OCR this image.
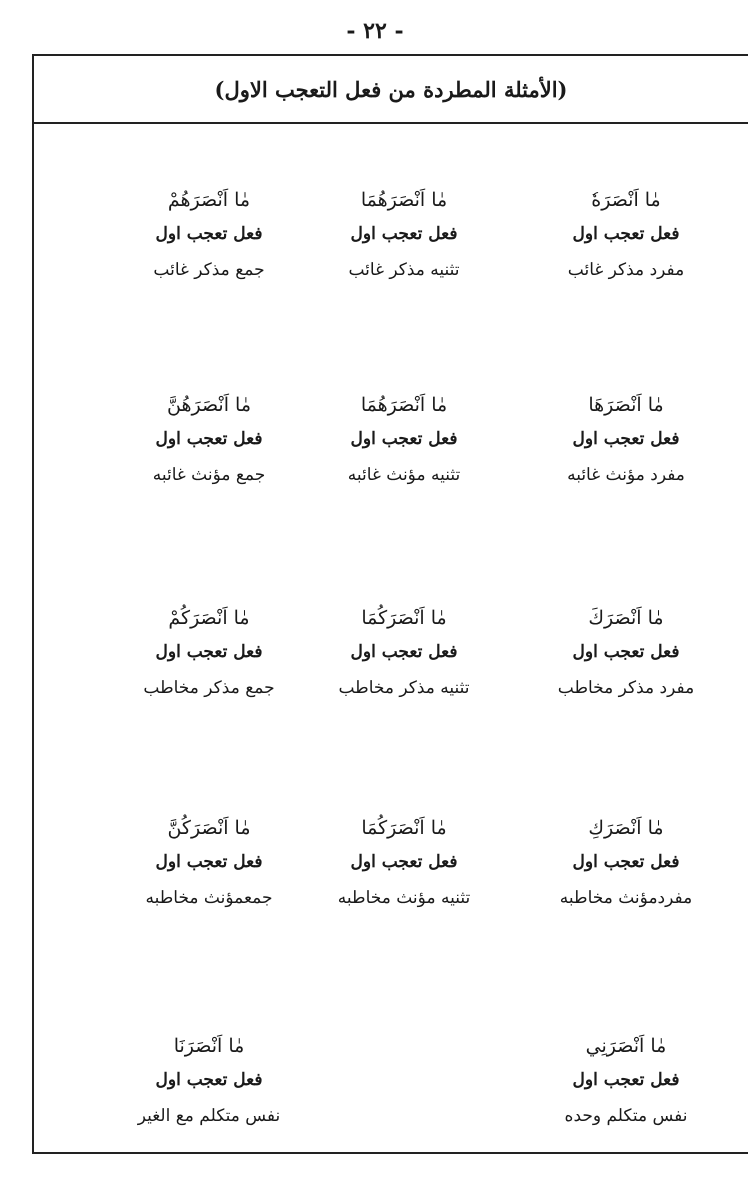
- ٢٢ -
(الأمثلة المطردة من فعل التعجب الاول)
مٰا اَنْصَرَهٗ
فعل تعجب اول
مفرد مذكر غائب
مٰا اَنْصَرَهُمَا
فعل تعجب اول
تثنيه مذكر غائب
مٰا اَنْصَرَهُمْ
فعل تعجب اول
جمع مذكر غائب
مٰا اَنْصَرَهَا
فعل تعجب اول
مفرد مؤنث غائبه
مٰا اَنْصَرَهُمَا
فعل تعجب اول
تثنيه مؤنث غائبه
مٰا اَنْصَرَهُنَّ
فعل تعجب اول
جمع مؤنث غائبه
مٰا اَنْصَرَكَ
فعل تعجب اول
مفرد مذكر مخاطب
مٰا اَنْصَرَكُمَا
فعل تعجب اول
تثنيه مذكر مخاطب
مٰا اَنْصَرَكُمْ
فعل تعجب اول
جمع مذكر مخاطب
مٰا اَنْصَرَكِ
فعل تعجب اول
مفردمؤنث مخاطبه
مٰا اَنْصَرَكُمَا
فعل تعجب اول
تثنيه مؤنث مخاطبه
مٰا اَنْصَرَكُنَّ
فعل تعجب اول
جمعمؤنث مخاطبه
مٰا اَنْصَرَنِي
فعل تعجب اول
نفس متكلم وحده
مٰا اَنْصَرَنَا
فعل تعجب اول
نفس متكلم مع الغير
